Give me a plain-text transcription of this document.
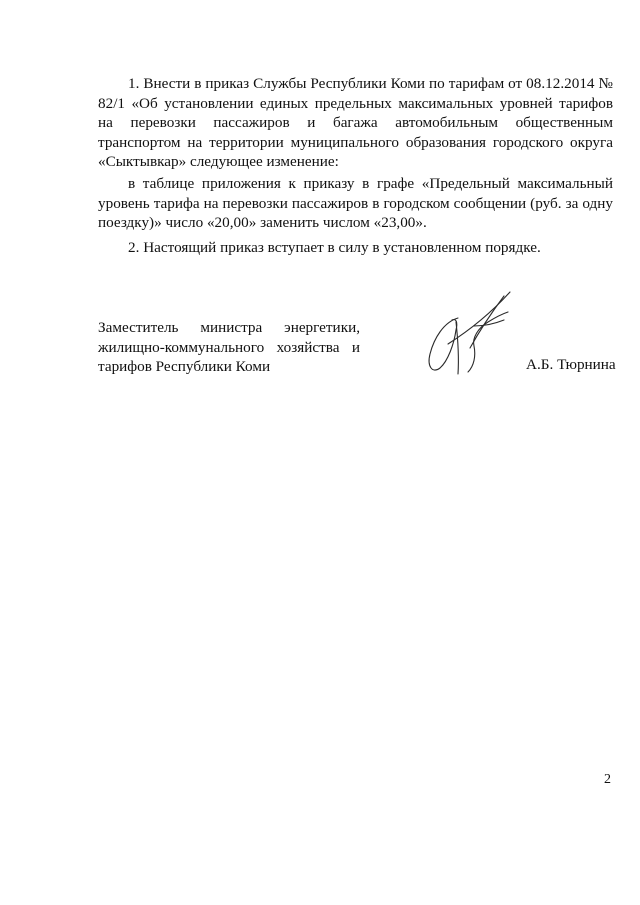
1. Внести в приказ Службы Республики Коми по тарифам от 08.12.2014 № 82/1 «Об установлении единых предельных максимальных уровней тарифов на перевозки пассажиров и багажа автомобильным общественным транспортом на территории муниципального образования городского округа «Сыктывкар» следующее изменение:
в таблице приложения к приказу в графе «Предельный максимальный уровень тарифа на перевозки пассажиров в городском сообщении (руб. за одну поездку)» число «20,00» заменить числом «23,00».
2. Настоящий приказ вступает в силу в установленном порядке.
Заместитель министра энергетики,
жилищно-коммунального хозяйства и
тарифов Республики Коми	А.Б. Тюрнина
2
